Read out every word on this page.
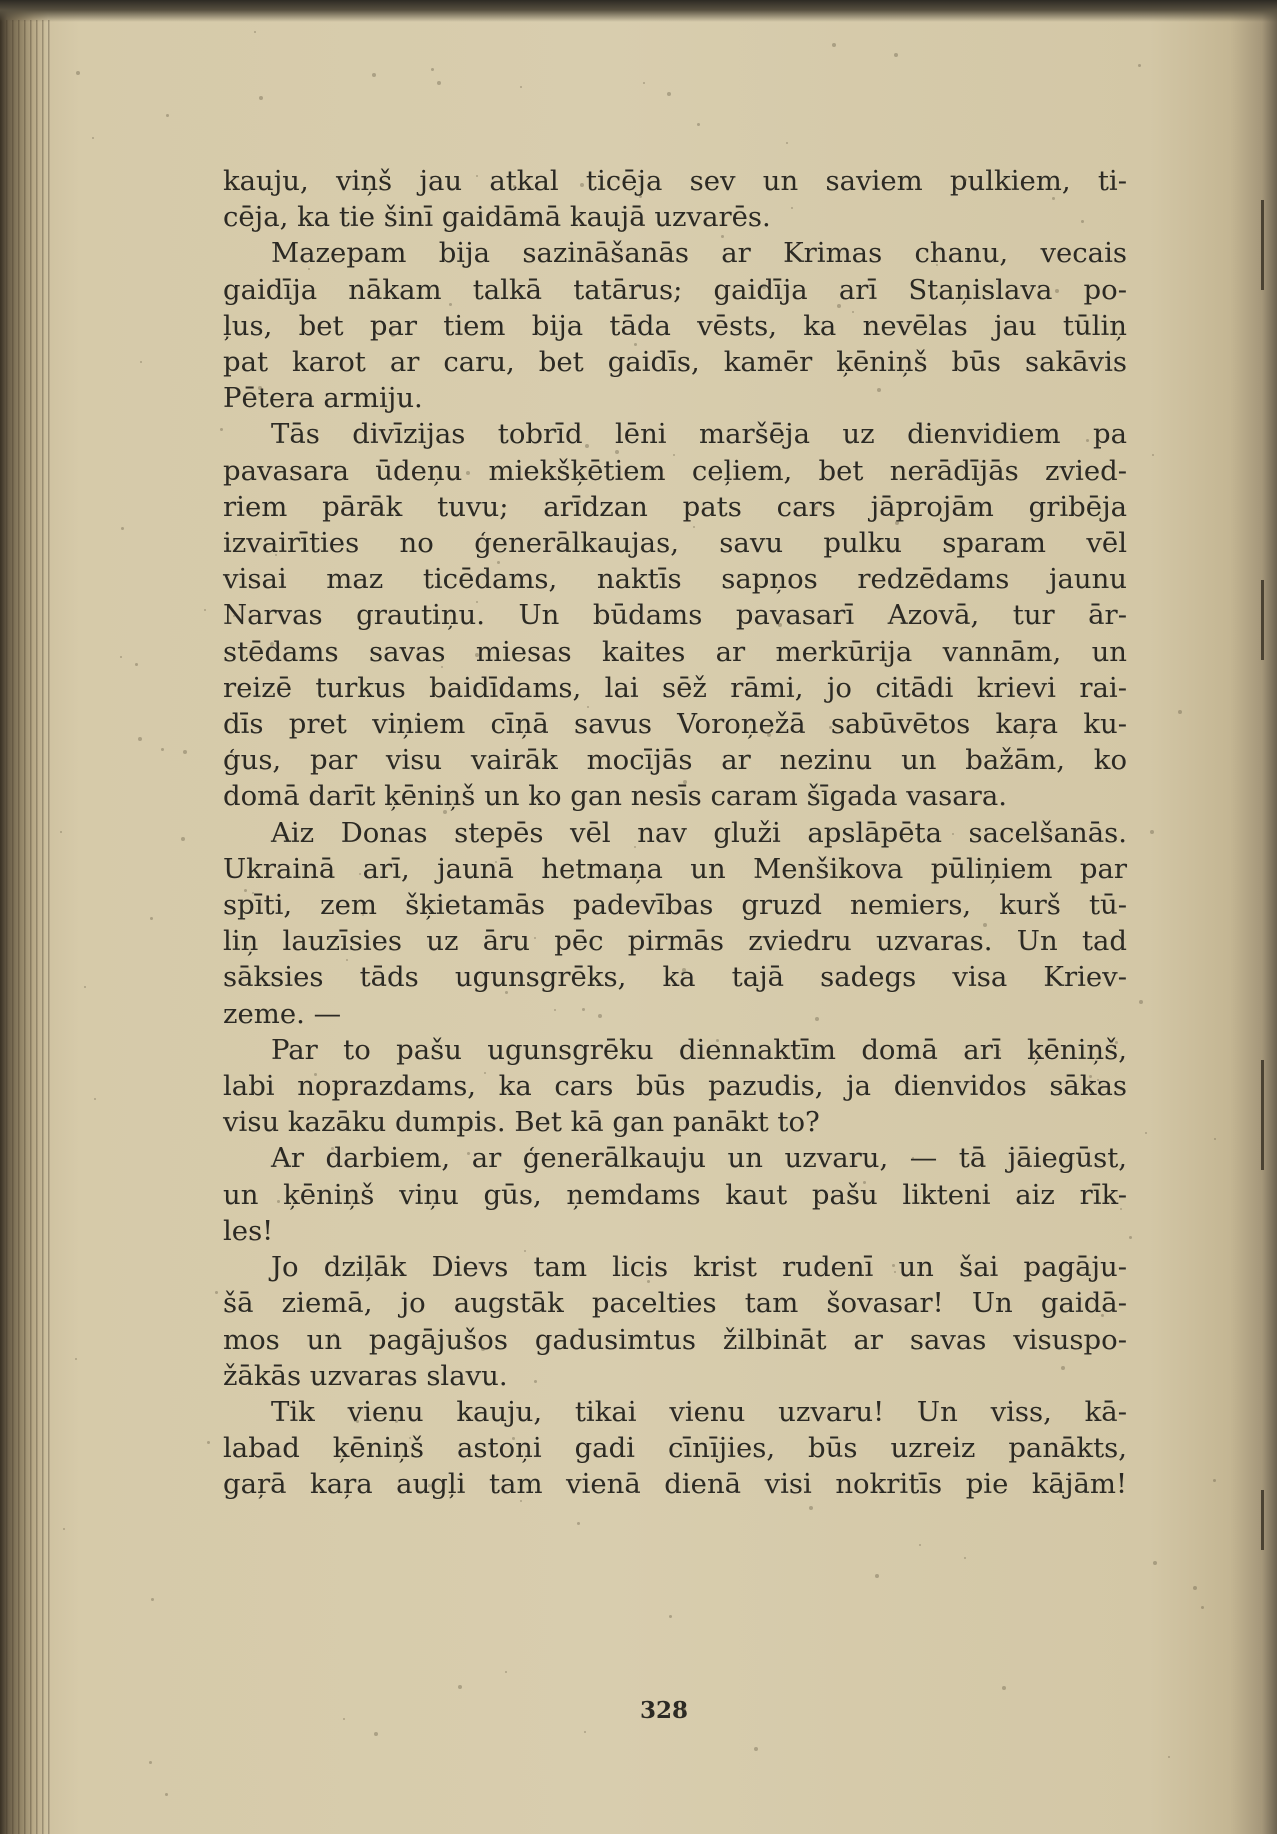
kauju, viņš jau atkal ticēja sev un saviem pulkiem, ti-
cēja, ka tie šinī gaidāmā kaujā uzvarēs.
Mazepam bija sazināšanās ar Krimas chanu, vecais
gaidīja nākam talkā tatārus; gaidīja arī Staņislava po-
ļus, bet par tiem bija tāda vēsts, ka nevēlas jau tūliņ
pat karot ar caru, bet gaidīs, kamēr ķēniņš būs sakāvis
Pētera armiju.
Tās divīzijas tobrīd lēni maršēja uz dienvidiem pa
pavasara ūdeņu miekšķētiem ceļiem, bet nerādījās zvied-
riem pārāk tuvu; arīdzan pats cars jāprojām gribēja
izvairīties no ģenerālkaujas, savu pulku sparam vēl
visai maz ticēdams, naktīs sapņos redzēdams jaunu
Narvas grautiņu. Un būdams pavasarī Azovā, tur ār-
stēdams savas miesas kaites ar merkūrija vannām, un
reizē turkus baidīdams, lai sēž rāmi, jo citādi krievi rai-
dīs pret viņiem cīņā savus Voroņežā sabūvētos kaŗa ku-
ģus, par visu vairāk mocījās ar nezinu un bažām, ko
domā darīt ķēniņš un ko gan nesīs caram šīgada vasara.
Aiz Donas stepēs vēl nav gluži apslāpēta sacelšanās.
Ukrainā arī, jaunā hetmaņa un Menšikova pūliņiem par
spīti, zem šķietamās padevības gruzd nemiers, kurš tū-
liņ lauzīsies uz āru pēc pirmās zviedru uzvaras. Un tad
sāksies tāds ugunsgrēks, ka tajā sadegs visa Kriev-
zeme. —
Par to pašu ugunsgrēku diennaktīm domā arī ķēniņš,
labi noprazdams, ka cars būs pazudis, ja dienvidos sākas
visu kazāku dumpis. Bet kā gan panākt to?
Ar darbiem, ar ģenerālkauju un uzvaru, — tā jāiegūst,
un ķēniņš viņu gūs, ņemdams kaut pašu likteni aiz rīk-
les!
Jo dziļāk Dievs tam licis krist rudenī un šai pagāju-
šā ziemā, jo augstāk pacelties tam šovasar! Un gaidā-
mos un pagājušos gadusimtus žilbināt ar savas visuspo-
žākās uzvaras slavu.
Tik vienu kauju, tikai vienu uzvaru! Un viss, kā-
labad ķēniņš astoņi gadi cīnījies, būs uzreiz panākts,
gaŗā kaŗa augļi tam vienā dienā visi nokritīs pie kājām!
328
